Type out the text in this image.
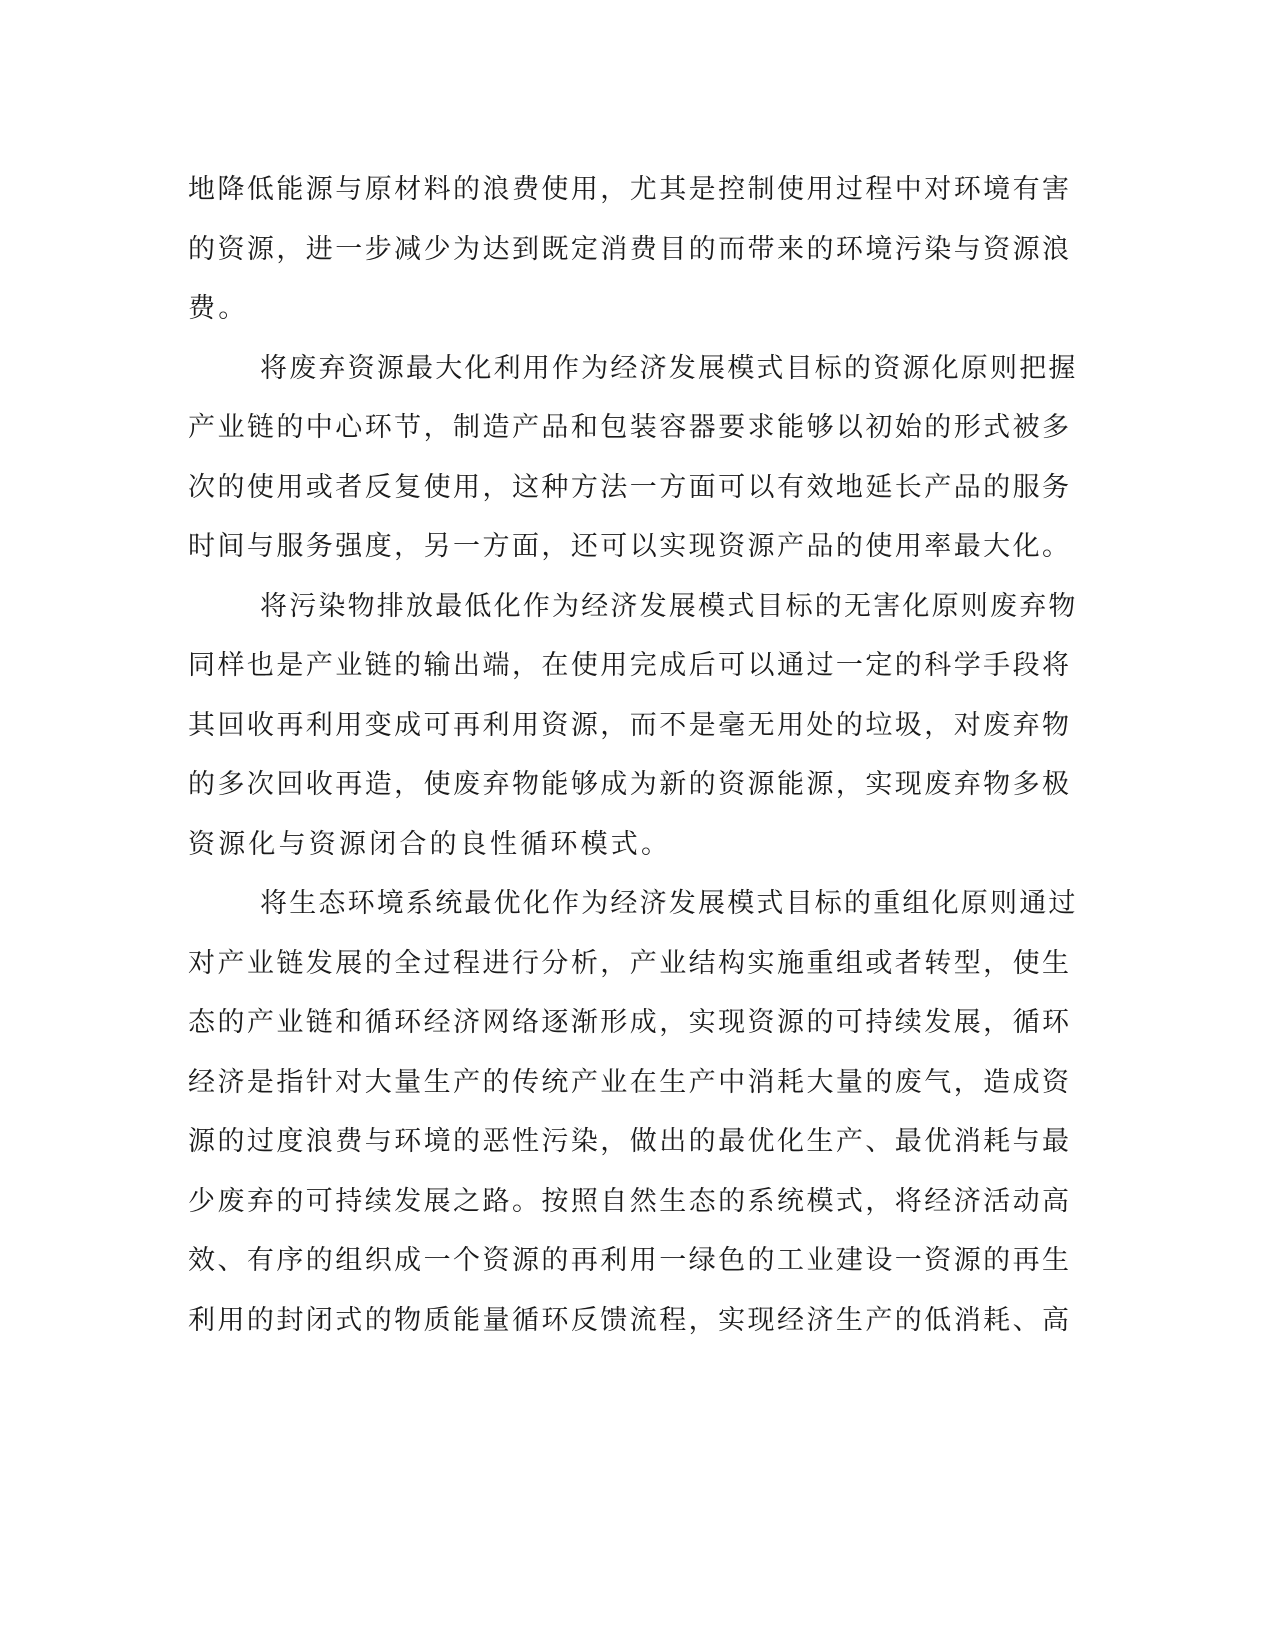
地降低能源与原材料的浪费使用，尤其是控制使用过程中对环境有害
的资源，进一步减少为达到既定消费目的而带来的环境污染与资源浪
费。
将废弃资源最大化利用作为经济发展模式目标的资源化原则把握
产业链的中心环节，制造产品和包装容器要求能够以初始的形式被多
次的使用或者反复使用，这种方法一方面可以有效地延长产品的服务
时间与服务强度，另一方面，还可以实现资源产品的使用率最大化。
将污染物排放最低化作为经济发展模式目标的无害化原则废弃物
同样也是产业链的输出端，在使用完成后可以通过一定的科学手段将
其回收再利用变成可再利用资源，而不是毫无用处的垃圾，对废弃物
的多次回收再造，使废弃物能够成为新的资源能源，实现废弃物多极
资源化与资源闭合的良性循环模式。
将生态环境系统最优化作为经济发展模式目标的重组化原则通过
对产业链发展的全过程进行分析，产业结构实施重组或者转型，使生
态的产业链和循环经济网络逐渐形成，实现资源的可持续发展，循环
经济是指针对大量生产的传统产业在生产中消耗大量的废气，造成资
源的过度浪费与环境的恶性污染，做出的最优化生产、最优消耗与最
少废弃的可持续发展之路。按照自然生态的系统模式，将经济活动高
效、有序的组织成一个资源的再利用一绿色的工业建设一资源的再生
利用的封闭式的物质能量循环反馈流程，实现经济生产的低消耗、高
